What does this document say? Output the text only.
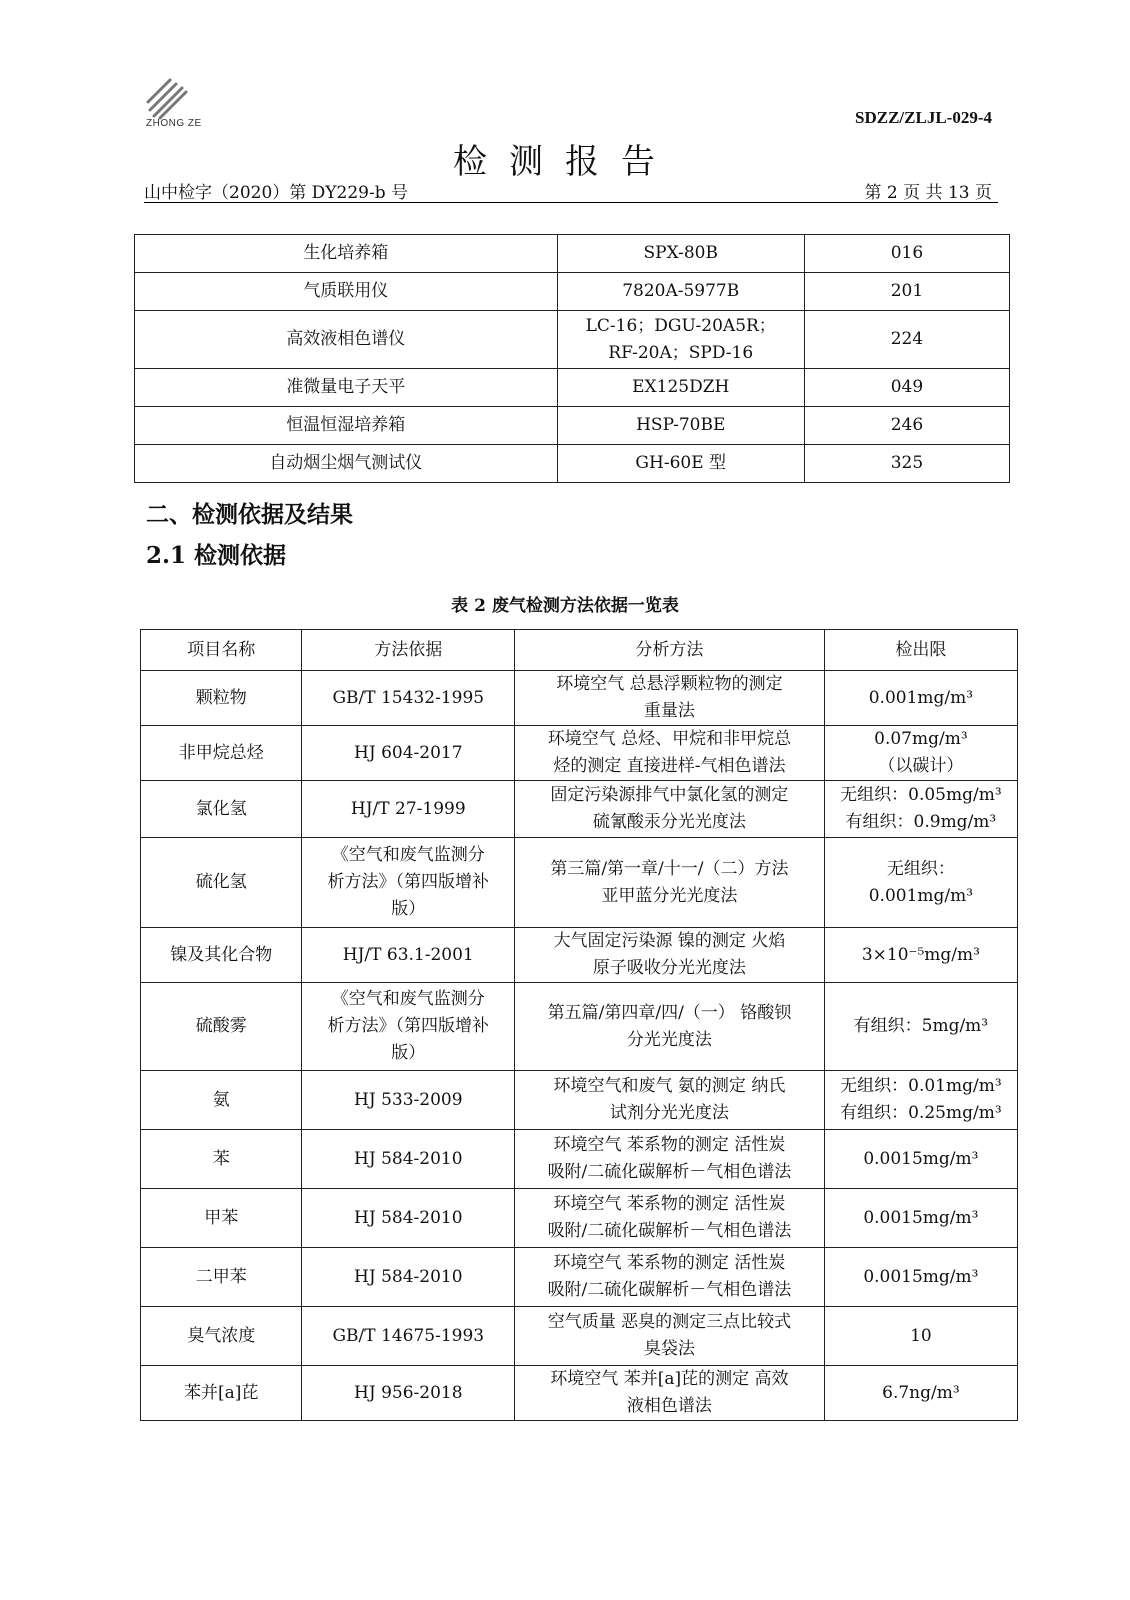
ZHONG ZE	SDZZ/ZLJL-029-4
检测报告
山中检字（2020）第 DY229-b 号	第 2 页 共 13 页
生化培养箱	SPX-80B	016
气质联用仪	7820A-5977B	201
高效液相色谱仪	LC-16；DGU-20A5R；
RF-20A；SPD-16	224
准微量电子天平	EX125DZH	049
恒温恒湿培养箱	HSP-70BE	246
自动烟尘烟气测试仪	GH-60E 型	325
二、检测依据及结果
2.1 检测依据
表 2 废气检测方法依据一览表
项目名称	方法依据	分析方法	检出限
颗粒物	GB/T 15432-1995	环境空气 总悬浮颗粒物的测定
重量法	0.001mg/m³
非甲烷总烃	HJ 604-2017	环境空气 总烃、甲烷和非甲烷总
烃的测定 直接进样-气相色谱法	0.07mg/m³
（以碳计）
氯化氢	HJ/T 27-1999	固定污染源排气中氯化氢的测定
硫氰酸汞分光光度法	无组织：0.05mg/m³
有组织：0.9mg/m³
硫化氢	《空气和废气监测分
析方法》（第四版增补
版）	第三篇/第一章/十一/（二）方法
亚甲蓝分光光度法	无组织：
0.001mg/m³
镍及其化合物	HJ/T 63.1-2001	大气固定污染源 镍的测定 火焰
原子吸收分光光度法	3×10⁻⁵mg/m³
硫酸雾	《空气和废气监测分
析方法》（第四版增补
版）	第五篇/第四章/四/（一） 铬酸钡
分光光度法	有组织：5mg/m³
氨	HJ 533-2009	环境空气和废气 氨的测定 纳氏
试剂分光光度法	无组织：0.01mg/m³
有组织：0.25mg/m³
苯	HJ 584-2010	环境空气 苯系物的测定 活性炭
吸附/二硫化碳解析－气相色谱法	0.0015mg/m³
甲苯	HJ 584-2010	环境空气 苯系物的测定 活性炭
吸附/二硫化碳解析－气相色谱法	0.0015mg/m³
二甲苯	HJ 584-2010	环境空气 苯系物的测定 活性炭
吸附/二硫化碳解析－气相色谱法	0.0015mg/m³
臭气浓度	GB/T 14675-1993	空气质量 恶臭的测定三点比较式
臭袋法	10
苯并[a]芘	HJ 956-2018	环境空气 苯并[a]芘的测定 高效
液相色谱法	6.7ng/m³
